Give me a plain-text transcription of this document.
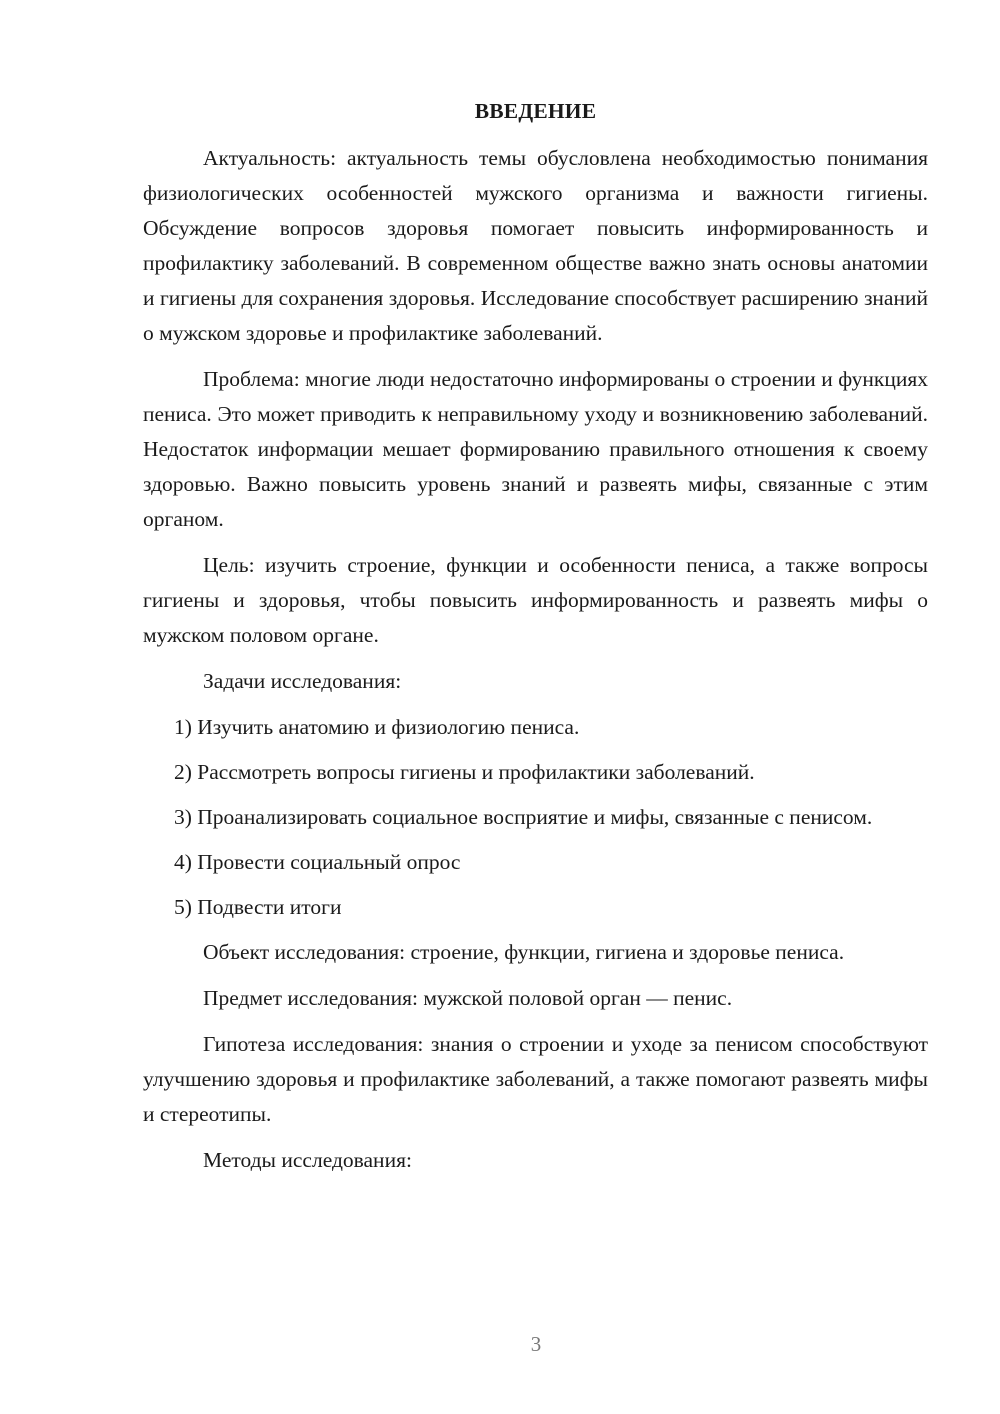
ВВЕДЕНИЕ

Актуальность: актуальность темы обусловлена необходимостью понимания физиологических особенностей мужского организма и важности гигиены. Обсуждение вопросов здоровья помогает повысить информированность и профилактику заболеваний. В современном обществе важно знать основы анатомии и гигиены для сохранения здоровья. Исследование способствует расширению знаний о мужском здоровье и профилактике заболеваний.

Проблема: многие люди недостаточно информированы о строении и функциях пениса. Это может приводить к неправильному уходу и возникновению заболеваний. Недостаток информации мешает формированию правильного отношения к своему здоровью. Важно повысить уровень знаний и развеять мифы, связанные с этим органом.

Цель: изучить строение, функции и особенности пениса, а также вопросы гигиены и здоровья, чтобы повысить информированность и развеять мифы о мужском половом органе.

Задачи исследования:

1) Изучить анатомию и физиологию пениса.

2) Рассмотреть вопросы гигиены и профилактики заболеваний.

3) Проанализировать социальное восприятие и мифы, связанные с пенисом.

4) Провести социальный опрос

5) Подвести итоги

Объект исследования: строение, функции, гигиена и здоровье пениса.

Предмет исследования: мужской половой орган — пенис.

Гипотеза исследования: знания о строении и уходе за пенисом способствуют улучшению здоровья и профилактике заболеваний, а также помогают развеять мифы и стереотипы.

Методы исследования:

3
